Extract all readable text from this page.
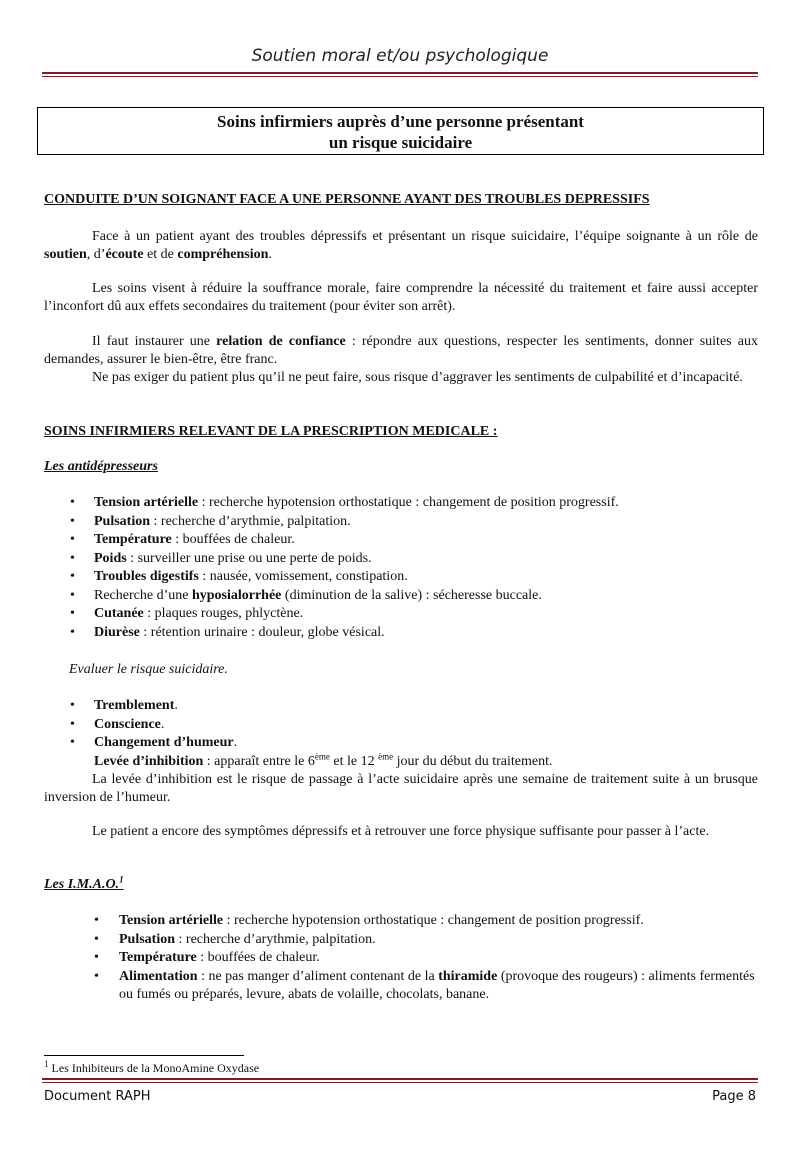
Soutien moral et/ou psychologique
Soins infirmiers auprès d’une personne présentant
un risque suicidaire
CONDUITE D’UN SOIGNANT FACE A UNE PERSONNE AYANT DES TROUBLES DEPRESSIFS

Face à un patient ayant des troubles dépressifs et présentant un risque suicidaire, l’équipe soignante à un rôle de soutien, d’écoute et de compréhension.

Les soins visent à réduire la souffrance morale, faire comprendre la nécessité du traitement et faire aussi accepter l’inconfort dû aux effets secondaires du traitement (pour éviter son arrêt).

Il faut instaurer une relation de confiance : répondre aux questions, respecter les sentiments, donner suites aux demandes, assurer le bien-être, être franc.

Ne pas exiger du patient plus qu’il ne peut faire, sous risque d’aggraver les sentiments de culpabilité et d’incapacité.

SOINS INFIRMIERS RELEVANT DE LA PRESCRIPTION MEDICALE :
Les antidépresseurs
• Tension artérielle : recherche hypotension orthostatique : changement de position progressif.
• Pulsation : recherche d’arythmie, palpitation.
• Température : bouffées de chaleur.
• Poids : surveiller une prise ou une perte de poids.
• Troubles digestifs : nausée, vomissement, constipation.
• Recherche d’une hyposialorrhée (diminution de la salive) : sécheresse buccale.
• Cutanée : plaques rouges, phlyctène.
• Diurèse : rétention urinaire : douleur, globe vésical.
Evaluer le risque suicidaire.
• Tremblement.
• Conscience.
• Changement d’humeur.
Levée d’inhibition : apparaît entre le 6ème et le 12 $^{ème}$ jour du début du traitement.

La levée d’inhibition est le risque de passage à l’acte suicidaire après une semaine de traitement suite à un brusque inversion de l’humeur.

Le patient a encore des symptômes dépressifs et à retrouver une force physique suffisante pour passer à l’acte.

Les I.M.A.O.$^1$
• Tension artérielle : recherche hypotension orthostatique : changement de position progressif.
• Pulsation : recherche d’arythmie, palpitation.
• Température : bouffées de chaleur.
• Alimentation : ne pas manger d’aliment contenant de la thiramide (provoque des rougeurs) : aliments fermentés ou fumés ou préparés, levure, abats de volaille, chocolats, banane.
$^1$ Les Inhibiteurs de la MonoAmine Oxydase
Document RAPH	Page 8
